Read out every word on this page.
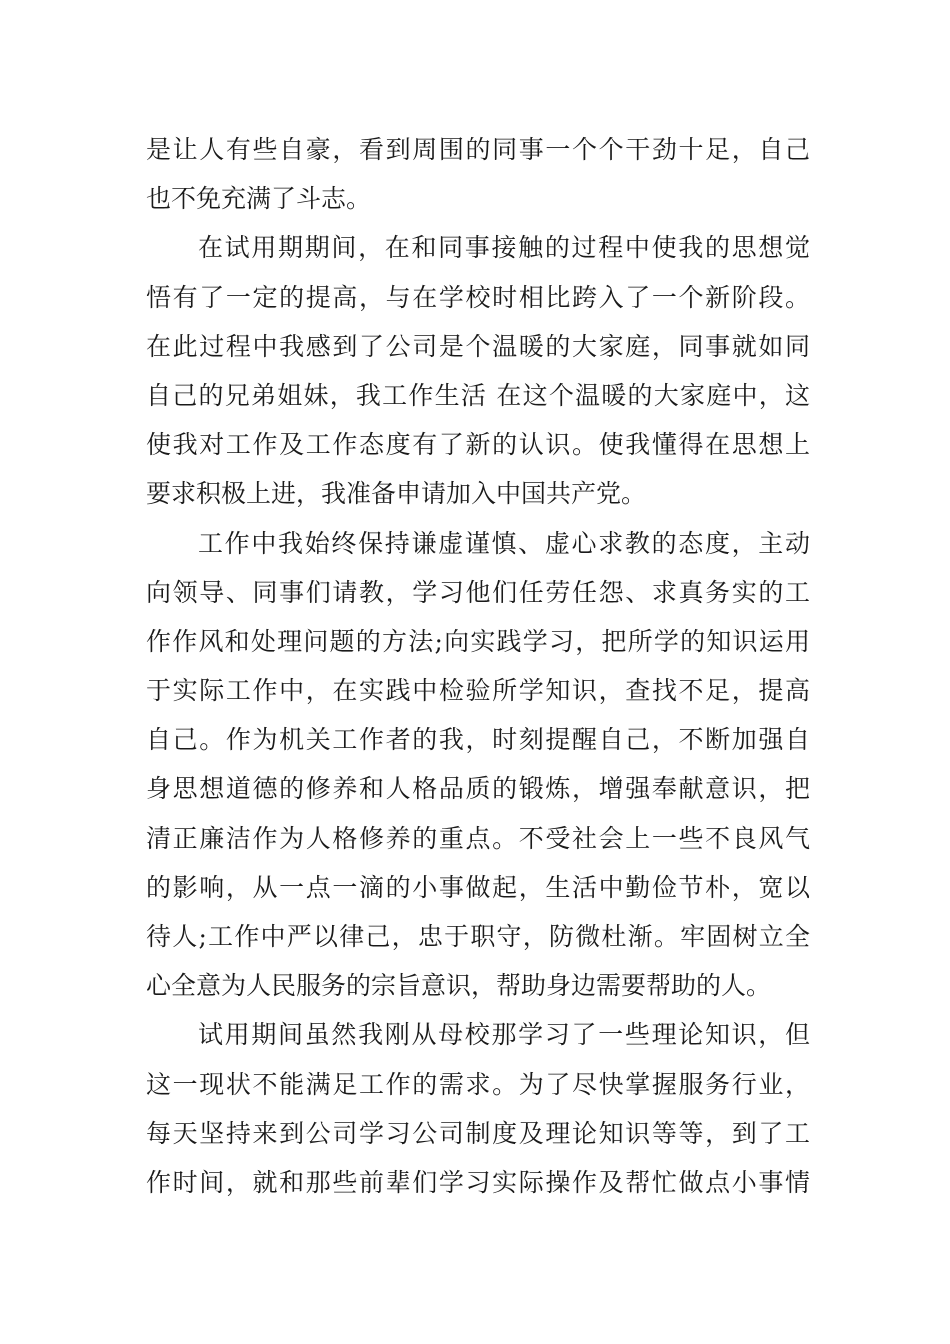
是让人有些自豪，看到周围的同事一个个干劲十足，自己
也不免充满了斗志。
在试用期期间，在和同事接触的过程中使我的思想觉
悟有了一定的提高，与在学校时相比跨入了一个新阶段。
在此过程中我感到了公司是个温暖的大家庭，同事就如同
自己的兄弟姐妹，我工作生活 在这个温暖的大家庭中，这
使我对工作及工作态度有了新的认识。使我懂得在思想上
要求积极上进，我准备申请加入中国共产党。
工作中我始终保持谦虚谨慎、虚心求教的态度，主动
向领导、同事们请教，学习他们任劳任怨、求真务实的工
作作风和处理问题的方法;向实践学习，把所学的知识运用
于实际工作中，在实践中检验所学知识，查找不足，提高
自己。作为机关工作者的我，时刻提醒自己，不断加强自
身思想道德的修养和人格品质的锻炼，增强奉献意识，把
清正廉洁作为人格修养的重点。不受社会上一些不良风气
的影响，从一点一滴的小事做起，生活中勤俭节朴，宽以
待人;工作中严以律己，忠于职守，防微杜渐。牢固树立全
心全意为人民服务的宗旨意识，帮助身边需要帮助的人。
试用期间虽然我刚从母校那学习了一些理论知识，但
这一现状不能满足工作的需求。为了尽快掌握服务行业，
每天坚持来到公司学习公司制度及理论知识等等，到了工
作时间，就和那些前辈们学习实际操作及帮忙做点小事情
